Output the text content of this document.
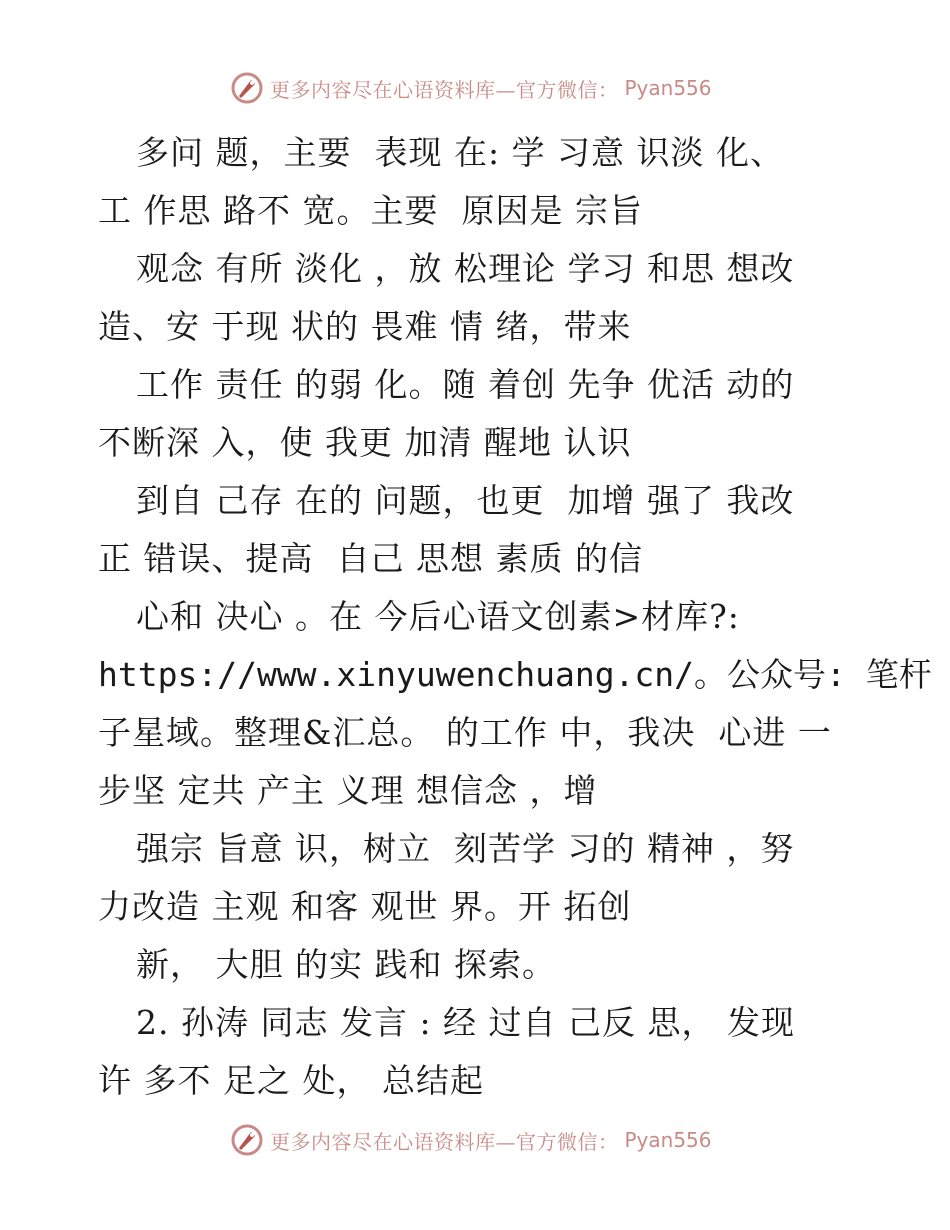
更多内容尽在心语资料库—官方微信： Pyan556
多问 题，主要  表现 在: 学 习意 识淡 化、
工 作思 路不 宽。主要  原因是 宗旨
观念 有所 淡化 ，放 松理论 学习 和思 想改
造、安 于现 状的 畏难 情 绪，带来
工作 责任 的弱 化。随 着创 先争 优活 动的
不断深 入，使 我更 加清 醒地 认识
到自 己存 在的 问题，也更  加增 强了 我改
正 错误、提高  自己 思想 素质 的信
心和 决心 。在 今后心语文创素>材库?:
https://www.xinyuwenchuang.cn/。公众号: 笔杆
子星域。整理&汇总。 的工作 中，我决  心进 一
步坚 定共 产主 义理 想信念 ，增
强宗 旨意 识，树立  刻苦学 习的 精神 ，努
力改造 主观 和客 观世 界。开 拓创
新， 大胆 的实 践和 探索。
2. 孙涛 同志 发言 : 经 过自 己反 思， 发现
许 多不 足之 处， 总结起
更多内容尽在心语资料库—官方微信： Pyan556
